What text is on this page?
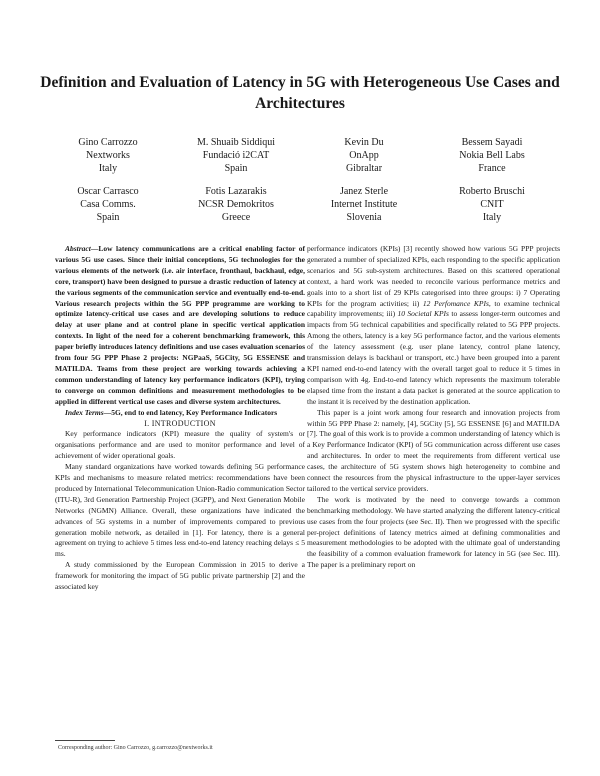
Definition and Evaluation of Latency in 5G with Heterogeneous Use Cases and Architectures
Gino Carrozzo
Nextworks
Italy
M. Shuaib Siddiqui
Fundació i2CAT
Spain
Kevin Du
OnApp
Gibraltar
Bessem Sayadi
Nokia Bell Labs
France
Oscar Carrasco
Casa Comms.
Spain
Fotis Lazarakis
NCSR Demokritos
Greece
Janez Sterle
Internet Institute
Slovenia
Roberto Bruschi
CNIT
Italy

Abstract—Low latency communications are a critical enabling factor of various 5G use cases. Since their initial conceptions, 5G technologies for the various elements of the network (i.e. air interface, fronthaul, backhaul, edge, core, transport) have been designed to pursue a drastic reduction of latency at the various segments of the communication service and eventually end-to-end. Various research projects within the 5G PPP programme are working to optimize latency-critical use cases and are developing solutions to reduce delay at user plane and at control plane in specific vertical application contexts. In light of the need for a coherent benchmarking framework, this paper briefly introduces latency definitions and use cases evaluation scenarios from four 5G PPP Phase 2 projects: NGPaaS, 5GCity, 5G ESSENSE and MATILDA. Teams from these project are working towards achieving a common understanding of latency key performance indicators (KPI), trying to converge on common definitions and measurement methodologies to be applied in different vertical use cases and diverse system architectures.

Index Terms—5G, end to end latency, Key Performance Indicators

I. INTRODUCTION

Key performance indicators (KPI) measure the quality of system's or organisations performance and are used to monitor performance and level of achievement of wider operational goals.

Many standard organizations have worked towards defining 5G performance KPIs and mechanisms to measure related metrics: recommendations have been produced by International Telecommunication Union-Radio communication Sector (ITU-R), 3rd Generation Partnership Project (3GPP), and Next Generation Mobile Networks (NGMN) Alliance. Overall, these organizations have indicated the advances of 5G systems in a number of improvements compared to previous generation mobile network, as detailed in [1]. For latency, there is a general agreement on trying to achieve 5 times less end-to-end latency reaching delays ≤ 5 ms.

A study commissioned by the European Commission in 2015 to derive a framework for monitoring the impact of 5G public private partnership [2] and the associated key

performance indicators (KPIs) [3] recently showed how various 5G PPP projects generated a number of specialized KPIs, each responding to the specific application scenarios and 5G sub-system architectures. Based on this scattered operational context, a hard work was needed to reconcile various performance metrics and goals into to a short list of 29 KPIs categorised into three groups: i) 7 Operating KPIs for the program activities; ii) 12 Perfomance KPIs, to examine technical capability improvements; iii) 10 Societal KPIs to assess longer-term outcomes and impacts from 5G technical capabilities and specifically related to 5G PPP projects. Among the others, latency is a key 5G performance factor, and the various elements of the latency assessment (e.g. user plane latency, control plane latency, transmission delays is backhaul or transport, etc.) have been grouped into a parent KPI named end-to-end latency with the overall target goal to reduce it 5 times in comparison with 4g. End-to-end latency which represents the maximum tolerable elapsed time from the instant a data packet is generated at the source application to the instant it is received by the destination application.

This paper is a joint work among four research and innovation projects from within 5G PPP Phase 2: namely, [4], 5GCity [5], 5G ESSENSE [6] and MATILDA [7]. The goal of this work is to provide a common understanding of latency which is a Key Performance Indicator (KPI) of 5G communication across different use cases and architectures. In order to meet the requirements from different vertical use cases, the architecture of 5G system shows high heterogeneity to combine and connect the resources from the physical infrastructure to the upper-layer services tailored to the vertical service providers.

The work is motivated by the need to converge towards a common benchmarking methodology. We have started analyzing the different latency-critical use cases from the four projects (see Sec. II). Then we progressed with the specific per-project definitions of latency metrics aimed at defining commonalities and measurement methodologies to be adopted with the ultimate goal of understanding the feasibility of a common evaluation framework for latency in 5G (see Sec. III). The paper is a preliminary report on

Corresponding author: Gino Carrozzo, g.carrozzo@nextworks.it
